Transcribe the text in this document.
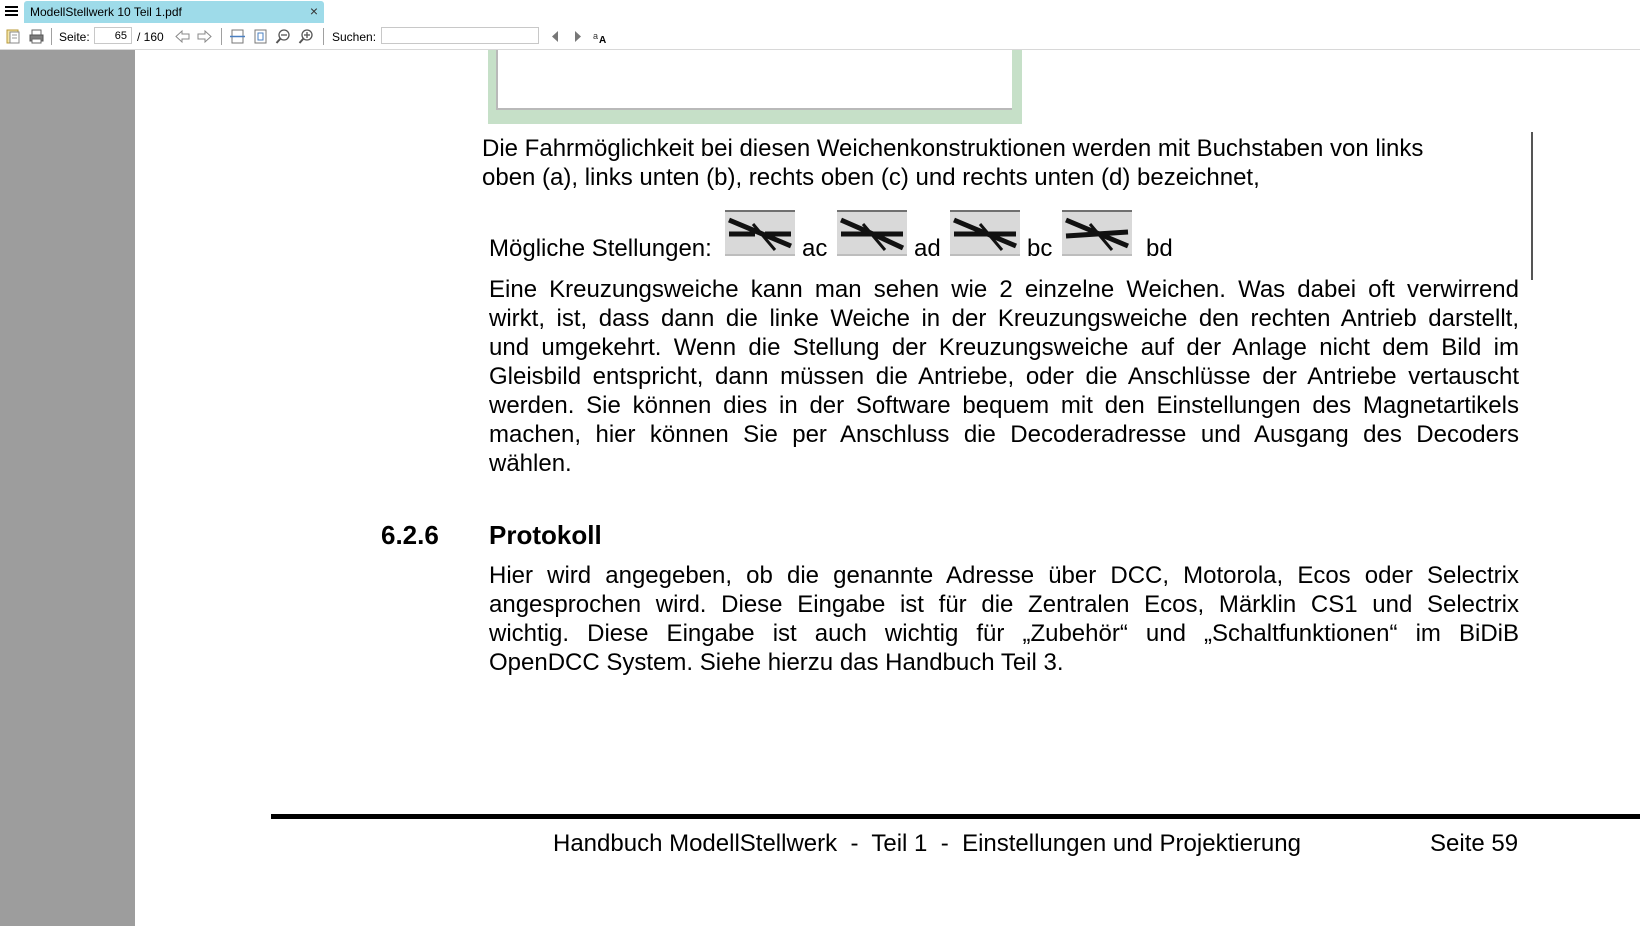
ModellStellwerk 10 Teil 1.pdf	×
Seite:
65	/ 160	Suchen:	a A
Die Fahrmöglichkeit bei diesen Weichenkonstruktionen werden mit Buchstaben von links
oben (a), links unten (b), rechts oben (c) und rechts unten (d) bezeichnet,
Mögliche Stellungen:	ac	ad	bc	bd
Eine Kreuzungsweiche kann man sehen wie 2 einzelne Weichen. Was dabei oft verwirrend
wirkt, ist, dass dann die linke Weiche in der Kreuzungsweiche den rechten Antrieb darstellt,
und umgekehrt. Wenn die Stellung der Kreuzungsweiche auf der Anlage nicht dem Bild im
Gleisbild entspricht, dann müssen die Antriebe, oder die Anschlüsse der Antriebe vertauscht
werden. Sie können dies in der Software bequem mit den Einstellungen des Magnetartikels
machen, hier können Sie per Anschluss die Decoderadresse und Ausgang des Decoders
wählen.
6.2.6 Protokoll
Hier wird angegeben, ob die genannte Adresse über DCC, Motorola, Ecos oder Selectrix
angesprochen wird. Diese Eingabe ist für die Zentralen Ecos, Märklin CS1 und Selectrix
wichtig. Diese Eingabe ist auch wichtig für „Zubehör“ und „Schaltfunktionen“ im BiDiB
OpenDCC System. Siehe hierzu das Handbuch Teil 3.
Handbuch ModellStellwerk  -  Teil 1  -  Einstellungen und Projektierung	Seite 59
